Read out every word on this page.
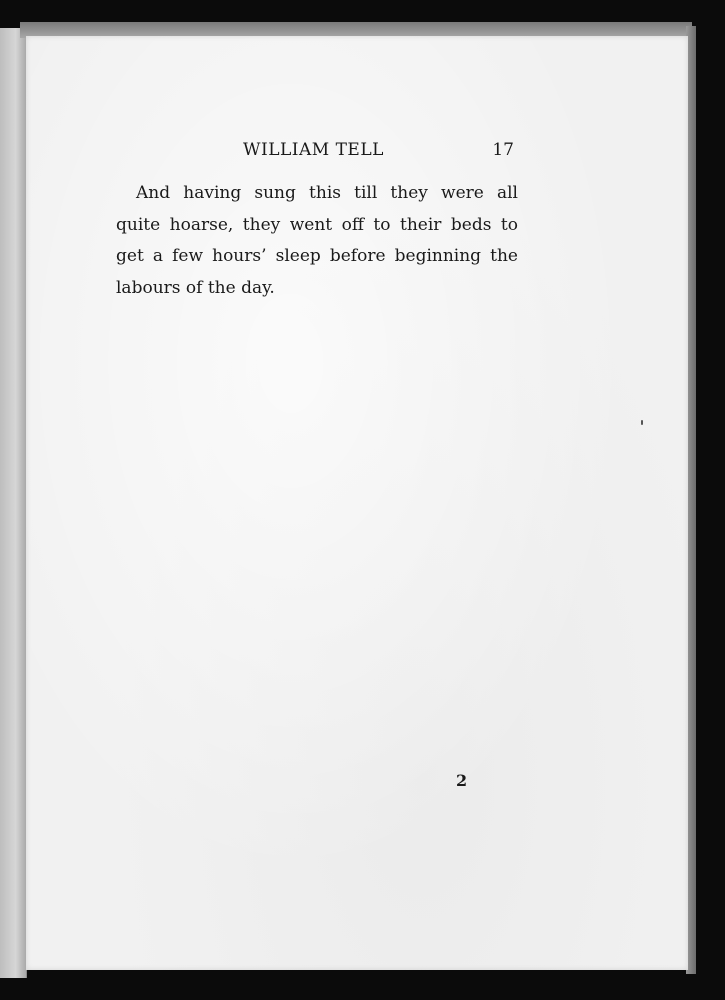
WILLIAM TELL	17
And having sung this till they were all
quite hoarse, they went off to their beds to
get a few hours’ sleep before beginning the
labours of the day.
2
